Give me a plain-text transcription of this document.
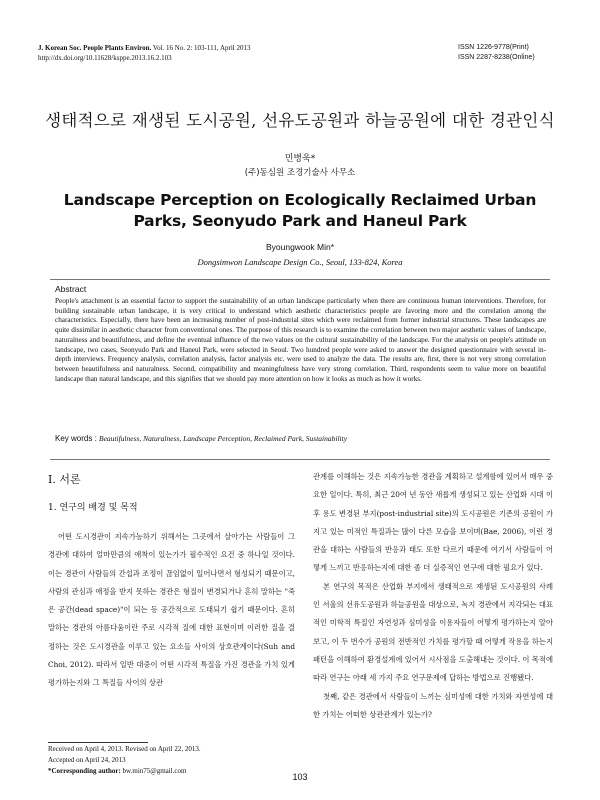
J. Korean Soc. People Plants Environ. Vol. 16 No. 2: 103-111, April 2013
http://dx.doi.org/10.11628/ksppe.2013.16.2.103
ISSN 1226-9778(Print)
ISSN 2287-8238(Online)
생태적으로 재생된 도시공원, 선유도공원과 하늘공원에 대한 경관인식
민병욱*
(주)동심원 조경기술사 사무소
Landscape Perception on Ecologically Reclaimed Urban Parks, Seonyudo Park and Haneul Park
Byoungwook Min*
Dongsimwon Landscape Design Co., Seoul, 133-824, Korea
Abstract
People's attachment is an essential factor to support the sustainability of an urban landscape particularly when there are continuous human interventions. Therefore, for building sustainable urban landscape, it is very critical to understand which aesthetic characteristics people are favoring more and the correlation among the characteristics. Especially, there have been an increasing number of post-industrial sites which were reclaimed from former industrial structures. These landscapes are quite dissimilar in aesthetic character from conventional ones. The purpose of this research is to examine the correlation between two major aesthetic values of landscape, naturalness and beautifulness, and define the eventual influence of the two values on the cultural sustainability of the landscape. For the analysis on people's attitude on landscape, two cases, Seonyudo Park and Haneul Park, were selected in Seoul. Two hundred people were asked to answer the designed questionnaire with several in-depth interviews. Frequency analysis, correlation analysis, factor analysis etc. were used to analyze the data. The results are, first, there is not very strong correlation between beautifulness and naturalness. Second, compatibility and meaningfulness have very strong correlation. Third, respondents seem to value more on beautiful landscape than natural landscape, and this signifies that we should pay more attention on how it looks as much as how it works.
Key words : Beautifulness, Naturalness, Landscape Perception, Reclaimed Park, Sustainability
Ⅰ. 서론
1. 연구의 배경 및 목적

어떤 도시경관이 지속가능하기 위해서는 그곳에서 살아가는 사람들이 그 경관에 대하여 얼마만큼의 애착이 있는가가 필수적인 요건 중 하나일 것이다. 이는 경관이 사람들의 간섭과 조정이 끊임없이 일어나면서 형성되기 때문이고, 사람의 관심과 애정을 받지 못하는 경관은 형질이 변경되거나 흔히 말하는 "죽은 공간(dead space)"이 되는 등 공간적으로 도태되기 쉽기 때문이다. 흔히 말하는 경관의 아름다움이란 주로 시각적 질에 대한 표현이며 이러한 질을 결정하는 것은 도시경관을 이루고 있는 요소들 사이의 상호관계이다(Suh and Choi, 2012). 따라서 일반 대중이 어떤 시각적 특질을 가진 경관을 가치 있게 평가하는지와 그 특질들 사이의 상관

관계를 이해하는 것은 지속가능한 경관을 계획하고 설계함에 있어서 매우 중요한 일이다. 특히, 최근 20여 년 동안 새롭게 생성되고 있는 산업화 시대 이후 용도 변경된 부지(post-industrial site)의 도시공원은 기존의 공원이 가지고 있는 미적인 특질과는 많이 다른 모습을 보이며(Bae, 2006), 이런 경관을 대하는 사람들의 반응과 태도 또한 다르기 때문에 여기서 사람들이 어떻게 느끼고 반응하는지에 대한 좀 더 실증적인 연구에 대한 필요가 있다.

본 연구의 목적은 산업화 부지에서 생태적으로 재생된 도시공원의 사례인 서울의 선유도공원과 하늘공원을 대상으로, 녹지 경관에서 지각되는 대표적인 미학적 특질인 자연성과 심미성을 이용자들이 어떻게 평가하는지 알아보고, 이 두 번수가 공원의 전반적인 가치를 평가할 때 어떻게 작용을 하는지 패턴을 이해하여 환경설계에 있어서 시사점을 도출해내는 것이다. 이 목적에 따라 연구는 아래 세 가지 주요 연구문제에 답하는 방법으로 진행됐다.

첫째, 같은 경관에서 사람들이 느끼는 심미성에 대한 가치와 자연성에 대한 가치는 어떠한 상관관계가 있는가?

Received on April 4, 2013. Revised on April 22, 2013.
Accepted on April 24, 2013
*Corresponding author: bw.min75@gmail.com
103
